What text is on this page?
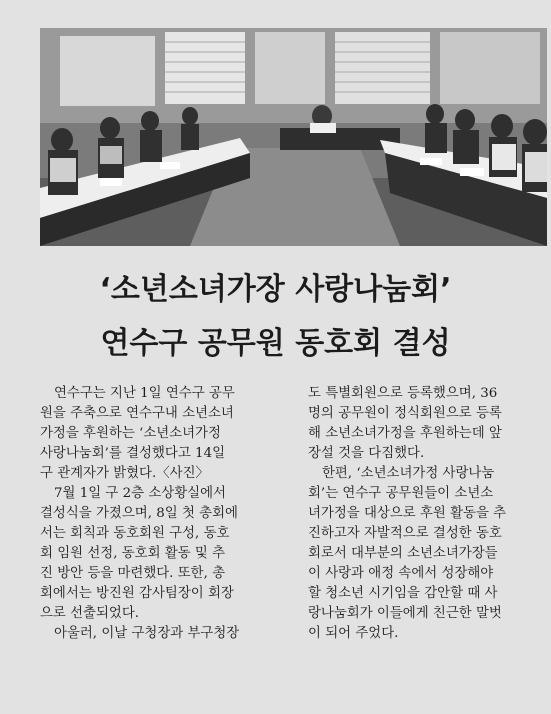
‘소년소녀가장 사랑나눔회’
연수구 공무원 동호회 결성
연수구는 지난 1일 연수구 공무
원을 주축으로 연수구내 소년소녀
가정을 후원하는 ‘소년소녀가정
사랑나눔회’를 결성했다고 14일
구 관계자가 밝혔다.〈사진〉
7월 1일 구 2층 소상황실에서
결성식을 가졌으며, 8일 첫 총회에
서는 회칙과 동호회원 구성, 동호
회 임원 선정, 동호회 활동 및 추
진 방안 등을 마련했다. 또한, 총
회에서는 방진원 감사팀장이 회장
으로 선출되었다.
아울러, 이날 구청장과 부구청장
도 특별회원으로 등록했으며, 36
명의 공무원이 정식회원으로 등록
해 소년소녀가정을 후원하는데 앞
장설 것을 다짐했다.
한편, ‘소년소녀가정 사랑나눔
회’는 연수구 공무원들이 소년소
녀가정을 대상으로 후원 활동을 추
진하고자 자발적으로 결성한 동호
회로서 대부분의 소년소녀가장들
이 사랑과 애정 속에서 성장해야
할 청소년 시기임을 감안할 때 사
랑나눔회가 이들에게 친근한 말벗
이 되어 주었다.
